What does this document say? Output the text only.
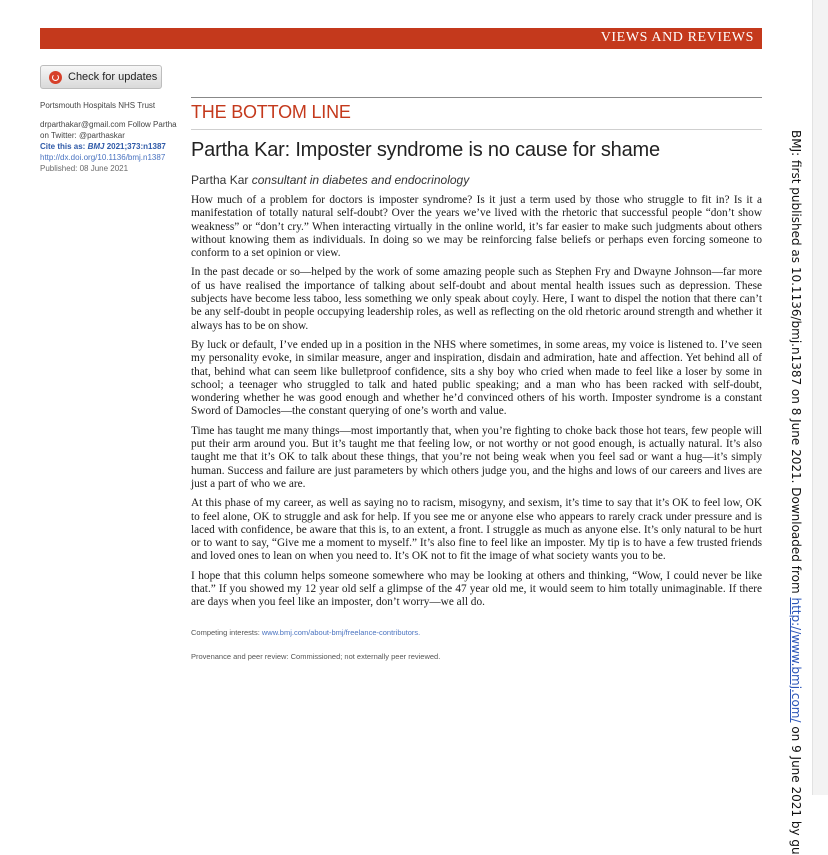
VIEWS AND REVIEWS
Check for updates
Portsmouth Hospitals NHS Trust
drparthakar@gmail.com Follow Partha on Twitter: @parthaskar
Cite this as: BMJ 2021;373:n1387
http://dx.doi.org/10.1136/bmj.n1387
Published: 08 June 2021
THE BOTTOM LINE
Partha Kar: Imposter syndrome is no cause for shame
Partha Kar consultant in diabetes and endocrinology

How much of a problem for doctors is imposter syndrome? Is it just a term used by those who struggle to fit in? Is it a manifestation of totally natural self-doubt? Over the years we’ve lived with the rhetoric that successful people “don’t show weakness” or “don’t cry.” When interacting virtually in the online world, it’s far easier to make such judgments about others without knowing them as individuals. In doing so we may be reinforcing false beliefs or perhaps even forcing someone to conform to a set opinion or view.

In the past decade or so—helped by the work of some amazing people such as Stephen Fry and Dwayne Johnson—far more of us have realised the importance of talking about self-doubt and about mental health issues such as depression. These subjects have become less taboo, less something we only speak about coyly. Here, I want to dispel the notion that there can’t be any self-doubt in people occupying leadership roles, as well as reflecting on the old rhetoric around strength and whether it always has to be on show.

By luck or default, I’ve ended up in a position in the NHS where sometimes, in some areas, my voice is listened to. I’ve seen my personality evoke, in similar measure, anger and inspiration, disdain and admiration, hate and affection. Yet behind all of that, behind what can seem like bulletproof confidence, sits a shy boy who cried when made to feel like a loser by some in school; a teenager who struggled to talk and hated public speaking; and a man who has been racked with self-doubt, wondering whether he was good enough and whether he’d convinced others of his worth. Imposter syndrome is a constant Sword of Damocles—the constant querying of one’s worth and value.

Time has taught me many things—most importantly that, when you’re fighting to choke back those hot tears, few people will put their arm around you. But it’s taught me that feeling low, or not worthy or not good enough, is actually natural. It’s also taught me that it’s OK to talk about these things, that you’re not being weak when you feel sad or want a hug—it’s simply human. Success and failure are just parameters by which others judge you, and the highs and lows of our careers and lives are just a part of who we are.

At this phase of my career, as well as saying no to racism, misogyny, and sexism, it’s time to say that it’s OK to feel low, OK to feel alone, OK to struggle and ask for help. If you see me or anyone else who appears to rarely crack under pressure and is laced with confidence, be aware that this is, to an extent, a front. I struggle as much as anyone else. It’s only natural to be hurt or to want to say, “Give me a moment to myself.” It’s also fine to feel like an imposter. My tip is to have a few trusted friends and loved ones to lean on when you need to. It’s OK not to fit the image of what society wants you to be.

I hope that this column helps someone somewhere who may be looking at others and thinking, “Wow, I could never be like that.” If you showed my 12 year old self a glimpse of the 47 year old me, it would seem to him totally unimaginable. If there are days when you feel like an imposter, don’t worry—we all do.

Competing interests: www.bmj.com/about-bmj/freelance-contributors.
Provenance and peer review: Commissioned; not externally peer reviewed.
BMJ: first published as 10.1136/bmj.n1387 on 8 June 2021. Downloaded from http://www.bmj.com/ on 9 June 2021 by gu
